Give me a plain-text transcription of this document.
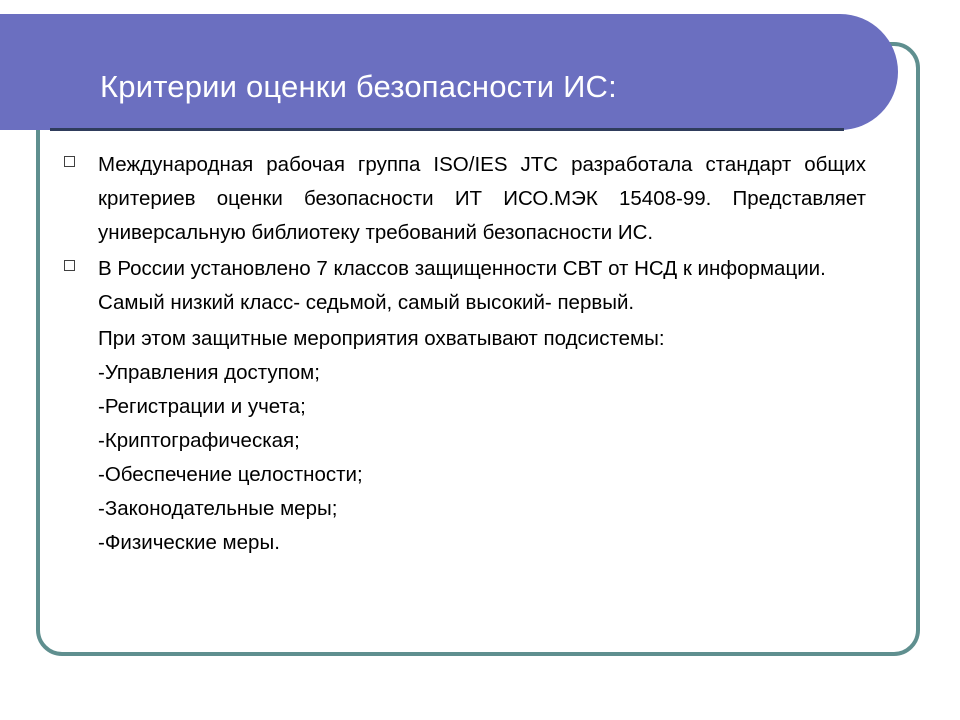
Критерии оценки безопасности ИС:
Международная рабочая группа ISO/IES JTC разработала стандарт общих критериев оценки безопасности ИТ ИСО.МЭК 15408-99. Представляет универсальную библиотеку требований безопасности ИС.
В России установлено 7 классов защищенности СВТ от НСД к информации. Самый низкий класс- седьмой, самый высокий- первый.
При этом защитные мероприятия охватывают подсистемы:
-Управления доступом;
-Регистрации и учета;
-Криптографическая;
-Обеспечение целостности;
-Законодательные меры;
-Физические меры.
